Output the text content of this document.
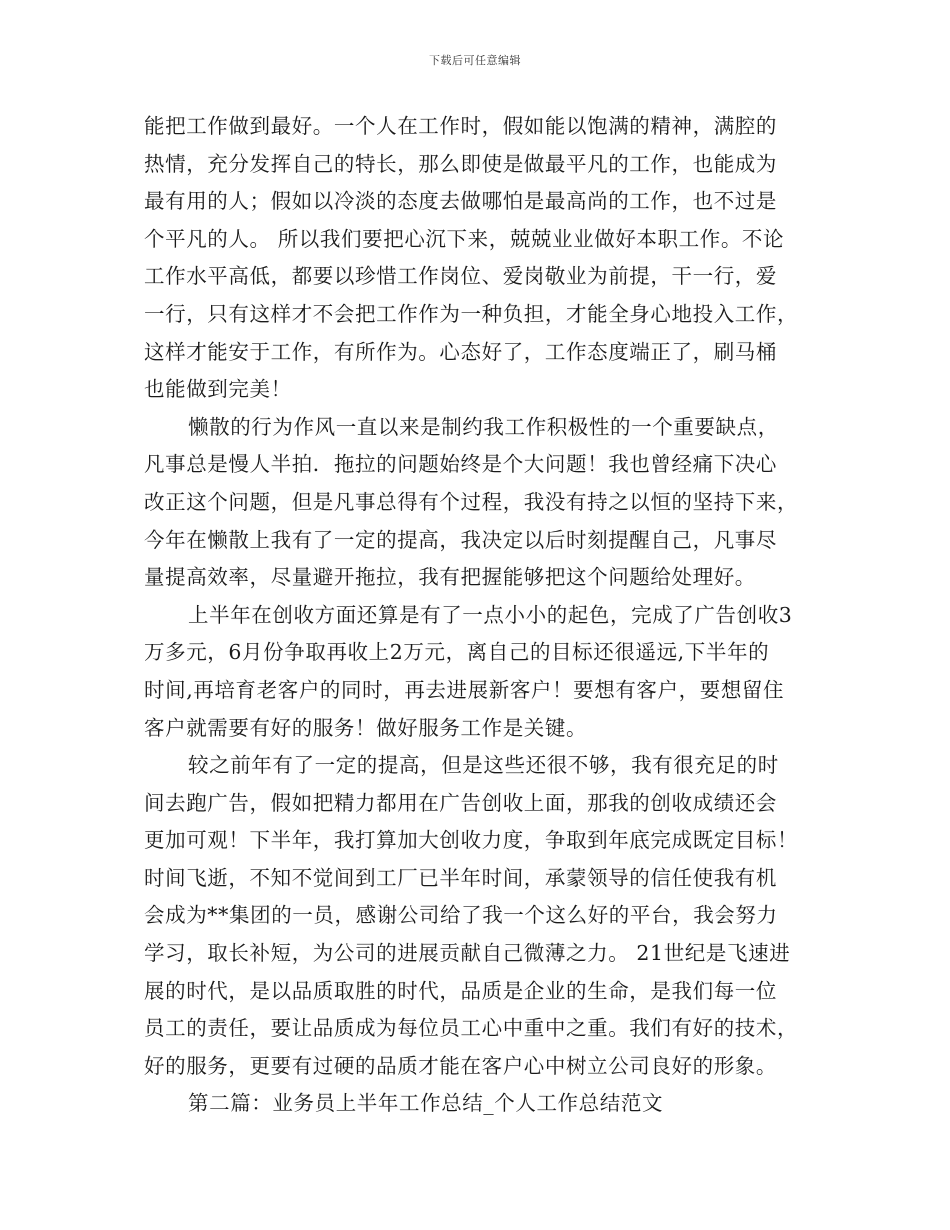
下载后可任意编辑
能把工作做到最好。一个人在工作时，假如能以饱满的精神，满腔的
热情，充分发挥自己的特长，那么即使是做最平凡的工作，也能成为
最有用的人；假如以冷淡的态度去做哪怕是最高尚的工作，也不过是
个平凡的人。 所以我们要把心沉下来，兢兢业业做好本职工作。不论
工作水平高低，都要以珍惜工作岗位、爱岗敬业为前提，干一行，爱
一行，只有这样才不会把工作作为一种负担，才能全身心地投入工作，
这样才能安于工作，有所作为。心态好了，工作态度端正了，刷马桶
也能做到完美！
懒散的行为作风一直以来是制约我工作积极性的一个重要缺点，
凡事总是慢人半拍．拖拉的问题始终是个大问题！我也曾经痛下决心
改正这个问题，但是凡事总得有个过程，我没有持之以恒的坚持下来，
今年在懒散上我有了一定的提高，我决定以后时刻提醒自己，凡事尽
量提高效率，尽量避开拖拉，我有把握能够把这个问题给处理好。
上半年在创收方面还算是有了一点小小的起色，完成了广告创收3
万多元，6月份争取再收上2万元，离自己的目标还很遥远,下半年的
时间,再培育老客户的同时，再去进展新客户！要想有客户，要想留住
客户就需要有好的服务！做好服务工作是关键。
较之前年有了一定的提高，但是这些还很不够，我有很充足的时
间去跑广告，假如把精力都用在广告创收上面，那我的创收成绩还会
更加可观！下半年，我打算加大创收力度，争取到年底完成既定目标！
时间飞逝，不知不觉间到工厂已半年时间，承蒙领导的信任使我有机
会成为**集团的一员，感谢公司给了我一个这么好的平台，我会努力
学习，取长补短，为公司的进展贡献自己微薄之力。 21世纪是飞速进
展的时代，是以品质取胜的时代，品质是企业的生命，是我们每一位
员工的责任，要让品质成为每位员工心中重中之重。我们有好的技术，
好的服务，更要有过硬的品质才能在客户心中树立公司良好的形象。
第二篇：业务员上半年工作总结_个人工作总结范文
